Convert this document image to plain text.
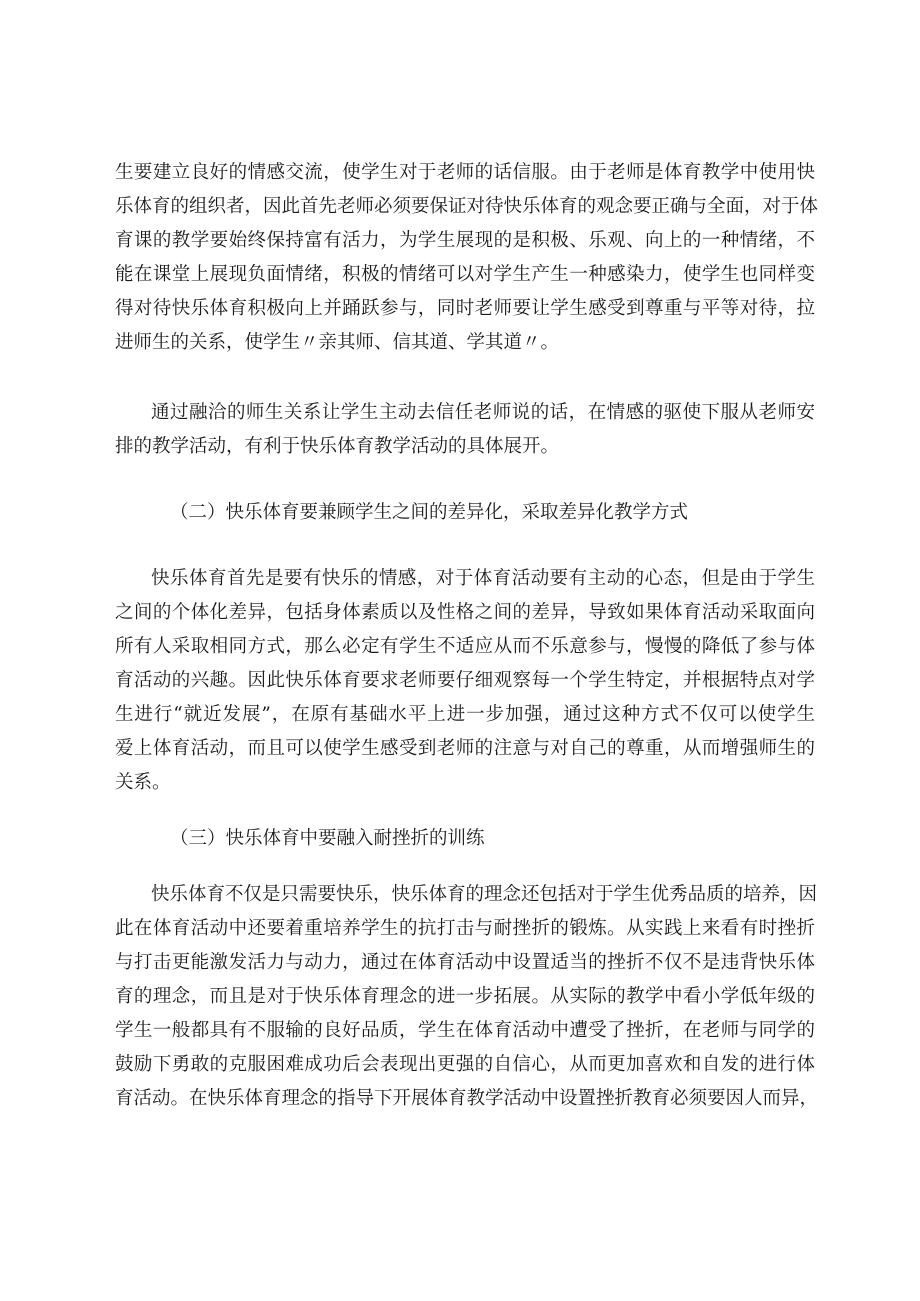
生要建立良好的情感交流，使学生对于老师的话信服。由于老师是体育教学中使用快

乐体育的组织者，因此首先老师必须要保证对待快乐体育的观念要正确与全面，对于体

育课的教学要始终保持富有活力，为学生展现的是积极、乐观、向上的一种情绪，不

能在课堂上展现负面情绪，积极的情绪可以对学生产生一种感染力，使学生也同样变

得对待快乐体育积极向上并踊跃参与，同时老师要让学生感受到尊重与平等对待，拉

进师生的关系，使学生〃亲其师、信其道、学其道〃。

通过融洽的师生关系让学生主动去信任老师说的话，在情感的驱使下服从老师安

排的教学活动，有利于快乐体育教学活动的具体展开。

（二）快乐体育要兼顾学生之间的差异化，采取差异化教学方式

快乐体育首先是要有快乐的情感，对于体育活动要有主动的心态，但是由于学生

之间的个体化差异，包括身体素质以及性格之间的差异，导致如果体育活动采取面向

所有人采取相同方式，那么必定有学生不适应从而不乐意参与，慢慢的降低了参与体

育活动的兴趣。因此快乐体育要求老师要仔细观察每一个学生特定，并根据特点对学

生进行“就近发展”，在原有基础水平上进一步加强，通过这种方式不仅可以使学生

爱上体育活动，而且可以使学生感受到老师的注意与对自己的尊重，从而增强师生的

关系。

（三）快乐体育中要融入耐挫折的训练

快乐体育不仅是只需要快乐，快乐体育的理念还包括对于学生优秀品质的培养，因

此在体育活动中还要着重培养学生的抗打击与耐挫折的锻炼。从实践上来看有时挫折

与打击更能激发活力与动力，通过在体育活动中设置适当的挫折不仅不是违背快乐体

育的理念，而且是对于快乐体育理念的进一步拓展。从实际的教学中看小学低年级的

学生一般都具有不服输的良好品质，学生在体育活动中遭受了挫折，在老师与同学的

鼓励下勇敢的克服困难成功后会表现出更强的自信心，从而更加喜欢和自发的进行体

育活动。在快乐体育理念的指导下开展体育教学活动中设置挫折教育必须要因人而异，
